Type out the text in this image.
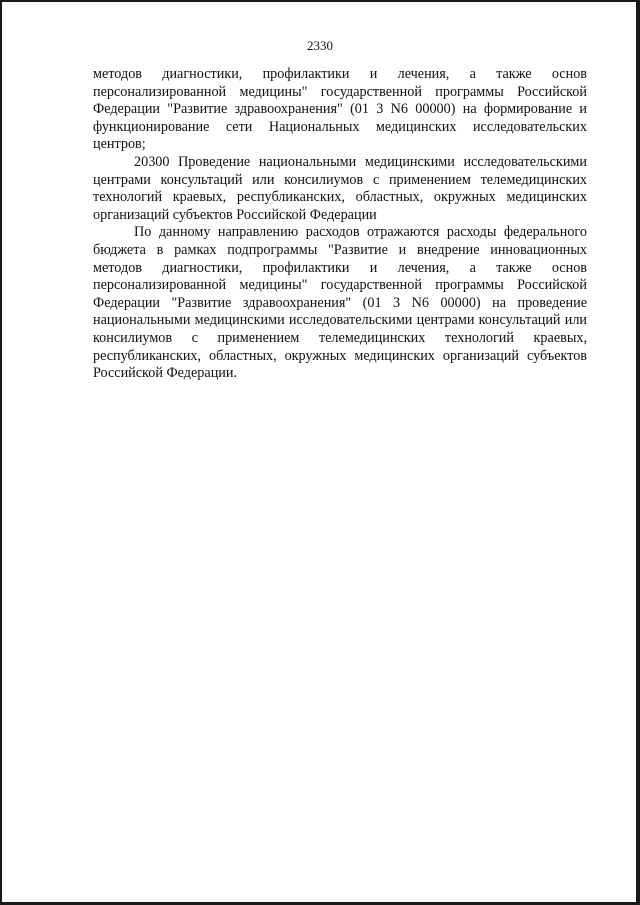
2330

методов диагностики, профилактики и лечения, а также основ персонализированной медицины" государственной программы Российской Федерации "Развитие здравоохранения" (01 3 N6 00000) на формирование и функционирование сети Национальных медицинских исследовательских центров;

20300 Проведение национальными медицинскими исследовательскими центрами консультаций или консилиумов с применением телемедицинских технологий краевых, республиканских, областных, окружных медицинских организаций субъектов Российской Федерации

По данному направлению расходов отражаются расходы федерального бюджета в рамках подпрограммы "Развитие и внедрение инновационных методов диагностики, профилактики и лечения, а также основ персонализированной медицины" государственной программы Российской Федерации "Развитие здравоохранения" (01 3 N6 00000) на проведение национальными медицинскими исследовательскими центрами консультаций или консилиумов с применением телемедицинских технологий краевых, республиканских, областных, окружных медицинских организаций субъектов Российской Федерации.
